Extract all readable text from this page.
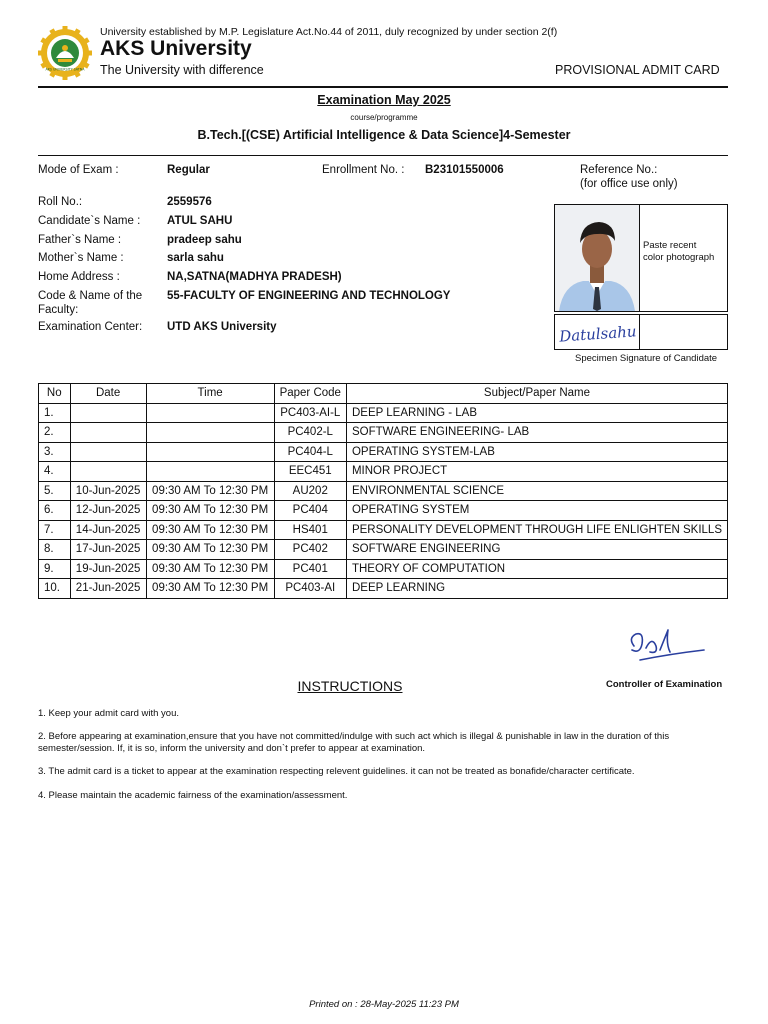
AKS UNIVERSITY SATNA
University established by M.P. Legislature Act.No.44 of 2011, duly recognized by under section 2(f)
AKS University
The University with difference	PROVISIONAL ADMIT CARD
Examination May 2025
course/programme
B.Tech.[(CSE) Artificial Intelligence & Data Science]4-Semester
Mode of Exam :	Regular	Enrollment No. : B23101550006	Reference No.:
(for office use only)
Roll No.:	2559576
Candidate`s Name : ATUL SAHU
Father`s Name :	pradeep sahu
Mother`s Name :	sarla sahu
Home Address :	NA,SATNA(MADHYA PRADESH)
Code & Name of the
Faculty:
55-FACULTY OF ENGINEERING AND TECHNOLOGY
Examination Center: UTD AKS University
Paste recent
color photograph
Datulsahu
Specimen Signature of Candidate
No	Date	Time	Paper Code	Subject/Paper Name
1.			PC403-AI-L	DEEP LEARNING - LAB
2.			PC402-L	SOFTWARE ENGINEERING- LAB
3.			PC404-L	OPERATING SYSTEM-LAB
4.			EEC451	MINOR PROJECT
5.	10-Jun-2025	09:30 AM To 12:30 PM	AU202	ENVIRONMENTAL SCIENCE
6.	12-Jun-2025	09:30 AM To 12:30 PM	PC404	OPERATING SYSTEM
7.	14-Jun-2025	09:30 AM To 12:30 PM	HS401	PERSONALITY DEVELOPMENT THROUGH LIFE ENLIGHTEN SKILLS
8.	17-Jun-2025	09:30 AM To 12:30 PM	PC402	SOFTWARE ENGINEERING
9.	19-Jun-2025	09:30 AM To 12:30 PM	PC401	THEORY OF COMPUTATION
10.	21-Jun-2025	09:30 AM To 12:30 PM	PC403-AI	DEEP LEARNING
Controller of Examination
INSTRUCTIONS
1. Keep your admit card with you.
2. Before appearing at examination,ensure that you have not committed/indulge with such act which is illegal & punishable in law in the duration of this semester/session. If, it is so, inform the university and don`t prefer to appear at examination.
3. The admit card is a ticket to appear at the examination respecting relevent guidelines. it can not be treated as bonafide/character certificate.
4. Please maintain the academic fairness of the examination/assessment.
Printed on : 28-May-2025 11:23 PM
